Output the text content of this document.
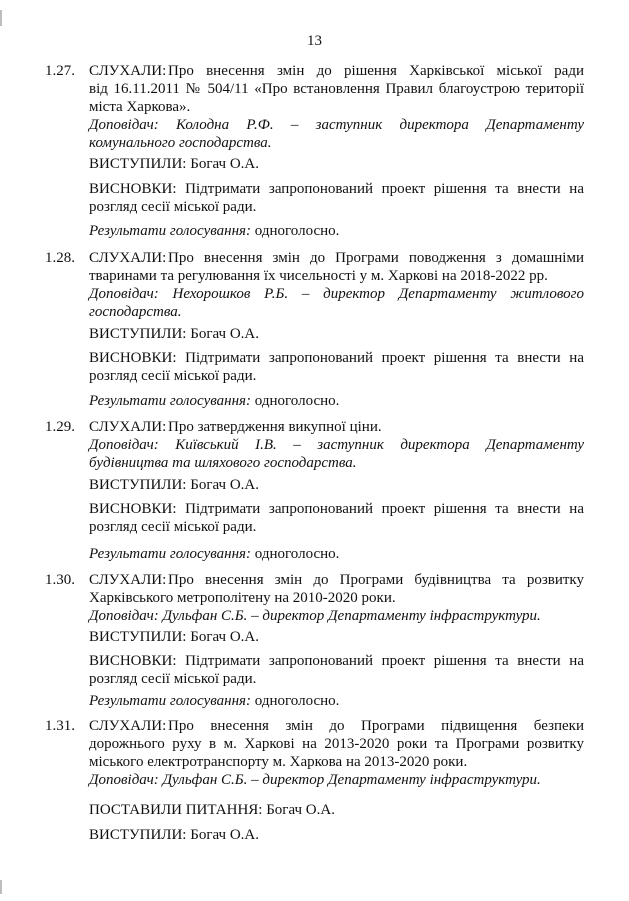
13
1.27. СЛУХАЛИ: Про внесення змін до рішення Харківської міської ради
від 16.11.2011 № 504/11 «Про встановлення Правил благоустрою території
міста Харкова».
Доповідач: Колодна Р.Ф. – заступник директора Департаменту
комунального господарства.
ВИСТУПИЛИ: Богач О.А.
ВИСНОВКИ: Підтримати запропонований проект рішення та внести на
розгляд сесії міської ради.
Результати голосування: одноголосно.
1.28. СЛУХАЛИ: Про внесення змін до Програми поводження з домашніми
тваринами та регулювання їх чисельності у м. Харкові на 2018-2022 рр.
Доповідач: Нехорошков Р.Б. – директор Департаменту житлового
господарства.
ВИСТУПИЛИ: Богач О.А.
ВИСНОВКИ: Підтримати запропонований проект рішення та внести на
розгляд сесії міської ради.
Результати голосування: одноголосно.
1.29. СЛУХАЛИ: Про затвердження викупної ціни.
Доповідач: Київський І.В. – заступник директора Департаменту
будівництва та шляхового господарства.
ВИСТУПИЛИ: Богач О.А.
ВИСНОВКИ: Підтримати запропонований проект рішення та внести на
розгляд сесії міської ради.
Результати голосування: одноголосно.
1.30. СЛУХАЛИ: Про внесення змін до Програми будівництва та розвитку
Харківського метрополітену на 2010-2020 роки.
Доповідач: Дульфан С.Б. – директор Департаменту інфраструктури.
ВИСТУПИЛИ: Богач О.А.
ВИСНОВКИ: Підтримати запропонований проект рішення та внести на
розгляд сесії міської ради.
Результати голосування: одноголосно.
1.31. СЛУХАЛИ: Про внесення змін до Програми підвищення безпеки
дорожнього руху в м. Харкові на 2013-2020 роки та Програми розвитку
міського електротранспорту м. Харкова на 2013-2020 роки.
Доповідач: Дульфан С.Б. – директор Департаменту інфраструктури.
ПОСТАВИЛИ ПИТАННЯ: Богач О.А.
ВИСТУПИЛИ: Богач О.А.
